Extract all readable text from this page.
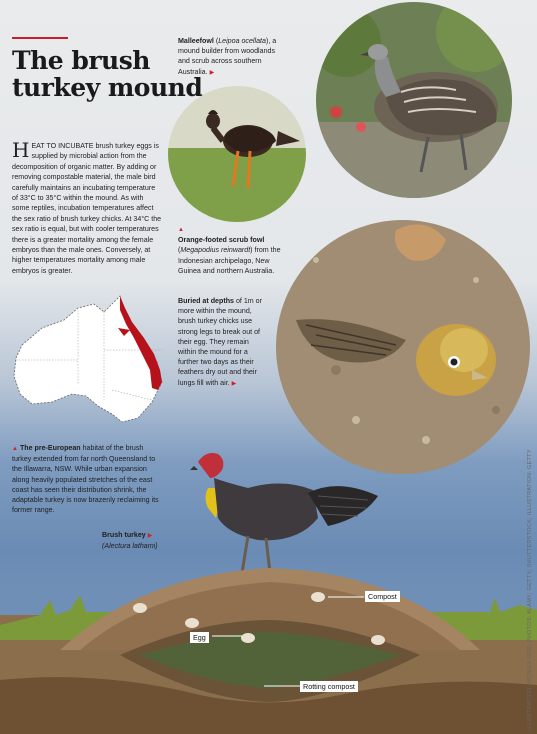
The brush
turkey mound
HEAT TO INCUBATE brush turkey eggs is supplied by microbial action from the decomposition of organic matter. By adding or removing compostable material, the male bird carefully maintains an incubating temperature of 33°C to 35°C within the mound. As with some reptiles, incubation temperatures affect the sex ratio of brush turkey chicks. At 34°C the sex ratio is equal, but with cooler temperatures there is a greater mortality among the female embryos than the male ones. Conversely, at higher temperatures mortality among male embryos is greater.
Malleefowl (Leipoa ocellata), a mound builder from woodlands and scrub across southern Australia. ▶
▲
Orange-footed scrub fowl
(Megapodius reinwardt) from the Indonesian archipelago, New Guinea and northern Australia.
Buried at depths of 1m or more within the mound, brush turkey chicks use strong legs to break out of their egg. They remain within the mound for a further two days as their feathers dry out and their lungs fill with air. ▶
▲ The pre-European habitat of the brush turkey extended from far north Queensland to the Illawarra, NSW. While urban expansion along heavily populated stretches of the east coast has seen their distribution shrink, the adaptable turkey is now brazenly reclaiming its former range.
Brush turkey ▶
(Alectura lathami)
Compost
Egg
Rotting compost	ILLUSTRATION: MONIKA ROE; PHOTOS: ALAMY; GETTY; SHUTTERSTOCK; ILLUSTRATION: GETTY
